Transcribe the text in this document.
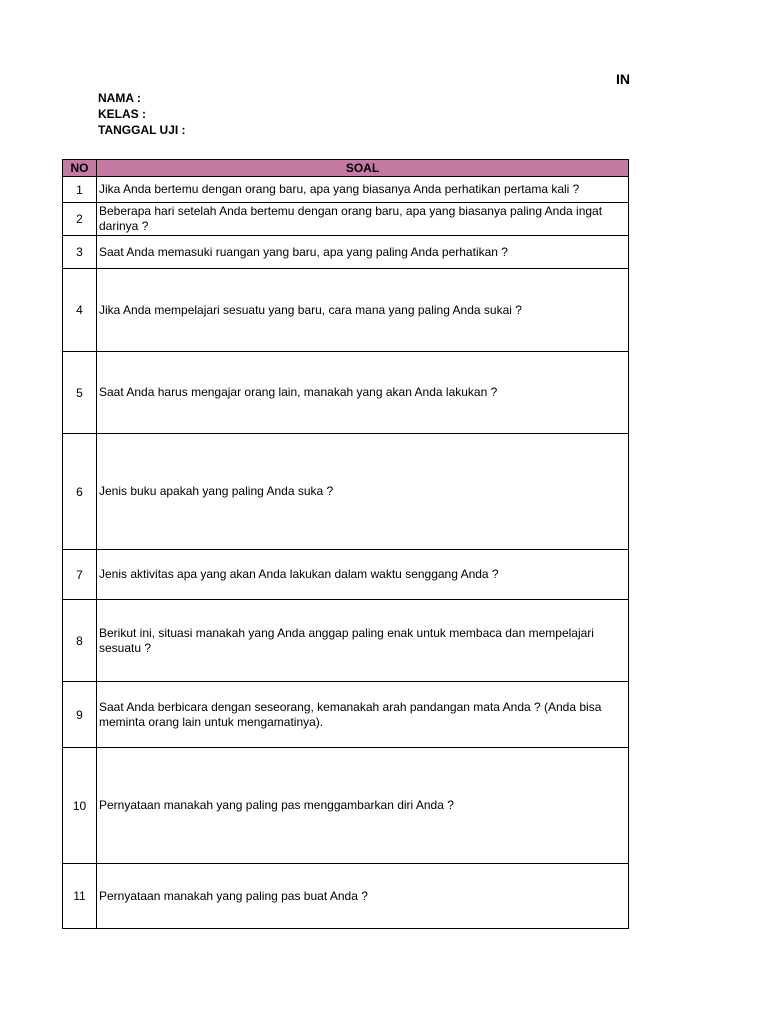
IN
NAMA :
KELAS :
TANGGAL UJI :
NO	SOAL
1	Jika Anda bertemu dengan orang baru, apa yang biasanya Anda perhatikan pertama kali ?
2	Beberapa hari setelah Anda bertemu dengan orang baru, apa yang biasanya paling Anda ingat darinya ?
3	Saat Anda memasuki ruangan yang baru, apa yang paling Anda perhatikan ?
4	Jika Anda mempelajari sesuatu yang baru, cara mana yang paling Anda sukai ?
5	Saat Anda harus mengajar orang lain, manakah yang akan Anda lakukan ?
6	Jenis buku apakah yang paling Anda suka ?
7	Jenis aktivitas apa yang akan Anda lakukan dalam waktu senggang Anda ?
8	Berikut ini, situasi manakah yang Anda anggap paling enak untuk membaca dan mempelajari sesuatu ?
9	Saat Anda berbicara dengan seseorang, kemanakah arah pandangan mata Anda ? (Anda bisa meminta orang lain untuk mengamatinya).
10	Pernyataan manakah yang paling pas menggambarkan diri Anda ?
11	Pernyataan manakah yang paling pas buat Anda ?
